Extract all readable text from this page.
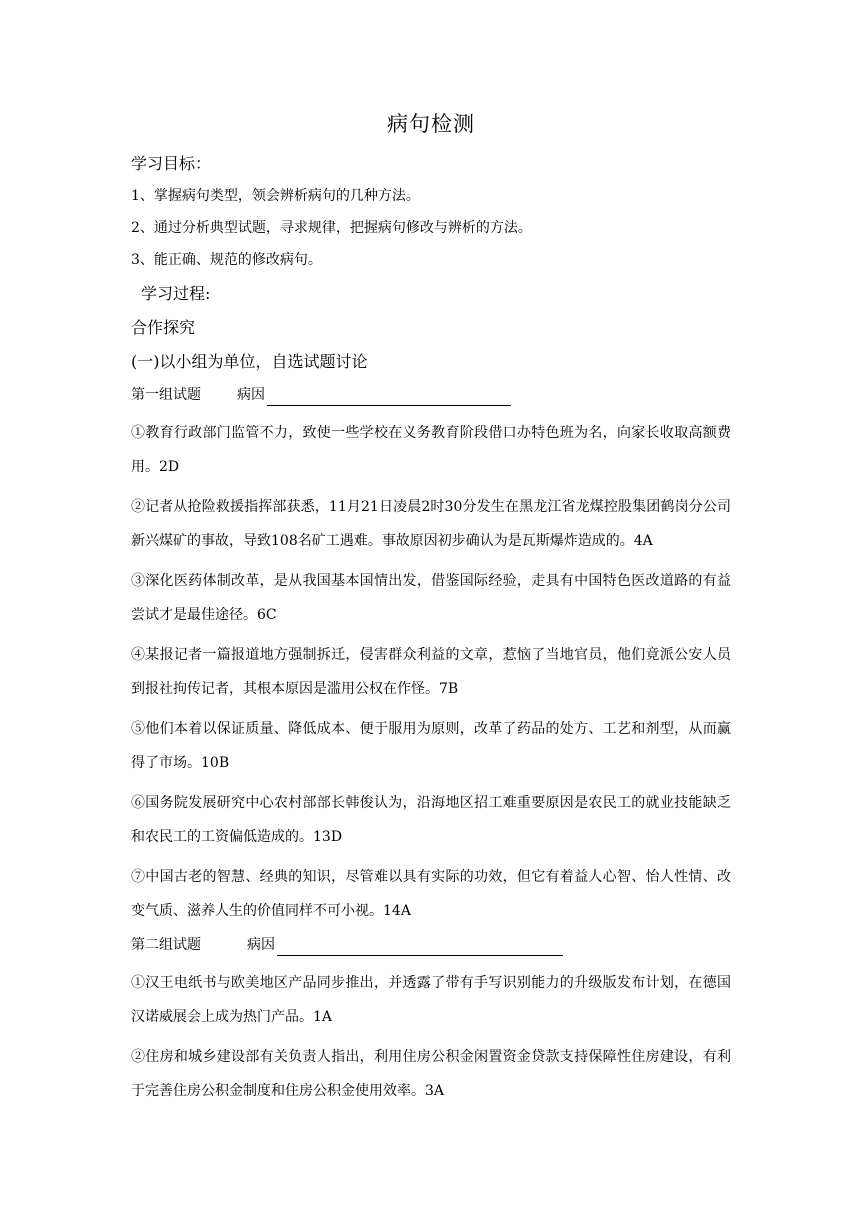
病句检测
学习目标：
1、掌握病句类型，领会辨析病句的几种方法。
2、通过分析典型试题，寻求规律，把握病句修改与辨析的方法。
3、能正确、规范的修改病句。
学习过程:
合作探究
(一)以小组为单位，自选试题讨论
第一组试题	病因
①教育行政部门监管不力，致使一些学校在义务教育阶段借口办特色班为名，向家长收取高额费用。2D
②记者从抢险救援指挥部获悉，11月21日凌晨2时30分发生在黑龙江省龙煤控股集团鹤岗分公司新兴煤矿的事故，导致108名矿工遇难。事故原因初步确认为是瓦斯爆炸造成的。4A
③深化医药体制改革，是从我国基本国情出发，借鉴国际经验，走具有中国特色医改道路的有益尝试才是最佳途径。6C
④某报记者一篇报道地方强制拆迁，侵害群众利益的文章，惹恼了当地官员，他们竟派公安人员到报社拘传记者，其根本原因是滥用公权在作怪。7B
⑤他们本着以保证质量、降低成本、便于服用为原则，改革了药品的处方、工艺和剂型，从而赢得了市场。10B
⑥国务院发展研究中心农村部部长韩俊认为，沿海地区招工难重要原因是农民工的就业技能缺乏和农民工的工资偏低造成的。13D
⑦中国古老的智慧、经典的知识，尽管难以具有实际的功效，但它有着益人心智、怡人性情、改变气质、滋养人生的价值同样不可小视。14A
第二组试题	病因
①汉王电纸书与欧美地区产品同步推出，并透露了带有手写识别能力的升级版发布计划，在德国汉诺威展会上成为热门产品。1A
②住房和城乡建设部有关负责人指出，利用住房公积金闲置资金贷款支持保障性住房建设，有利于完善住房公积金制度和住房公积金使用效率。3A
